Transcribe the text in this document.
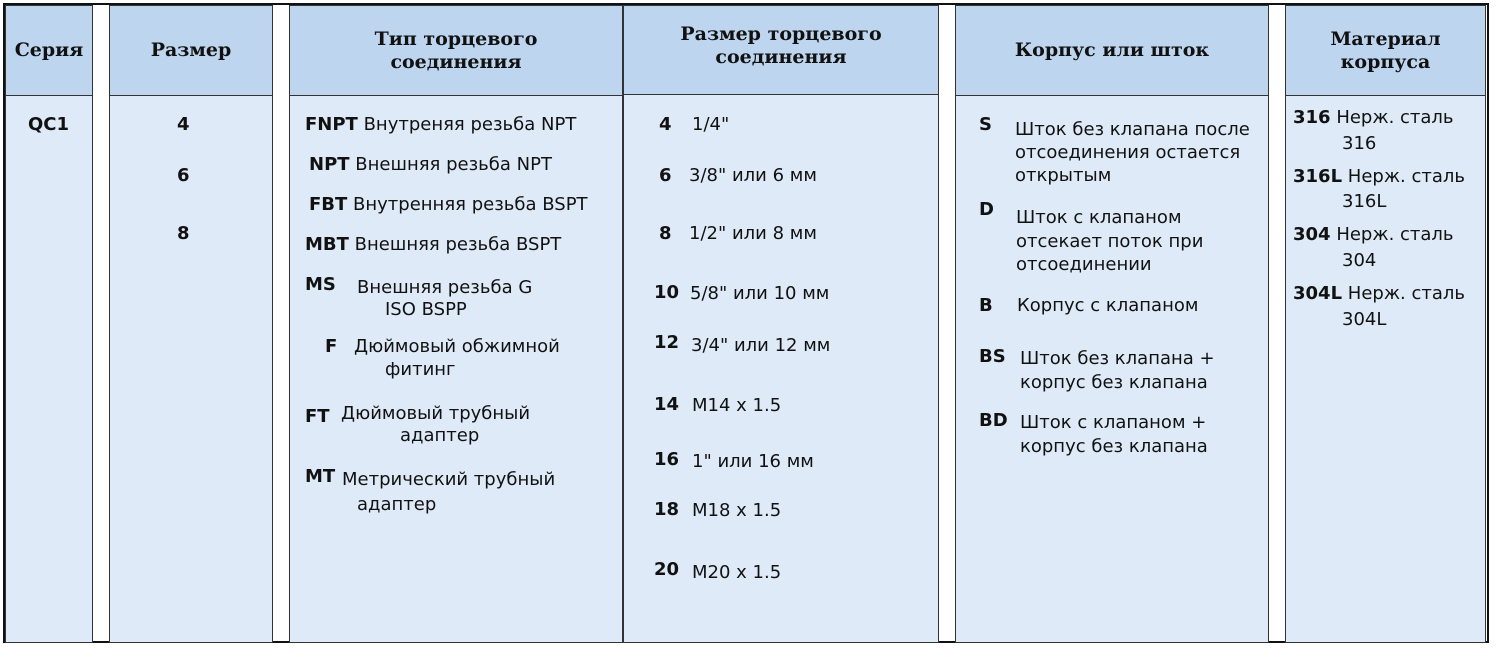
Серия
QC1
Размер
4
6
8
Тип торцевого
соединения
FNPT Внутреняя резьба NPT
NPT Внешняя резьба NPT
FBT Внутренняя резьба BSPT
MBT Внешняя резьба BSPT
MS Внешняя резьба G
ISO BSPP
F Дюймовый обжимной
фитинг
FT Дюймовый трубный
адаптер
MT Метрический трубный
адаптер
Размер торцевого
соединения
4 1/4"
6 3/8" или 6 мм
8 1/2" или 8 мм
10 5/8" или 10 мм
12 3/4" или 12 мм
14 M14 x 1.5
16 1" или 16 мм
18 M18 x 1.5
20 M20 x 1.5
Корпус или шток
S Шток без клапана после
отсоединения остается
открытым
D Шток с клапаном
отсекает поток при
отсоединении
B Корпус с клапаном
BS Шток без клапана +
корпус без клапана
BD Шток с клапаном +
корпус без клапана
Материал
корпуса
316 Нерж. сталь
316
316L Нерж. сталь
316L
304 Нерж. сталь
304
304L Нерж. сталь
304L
